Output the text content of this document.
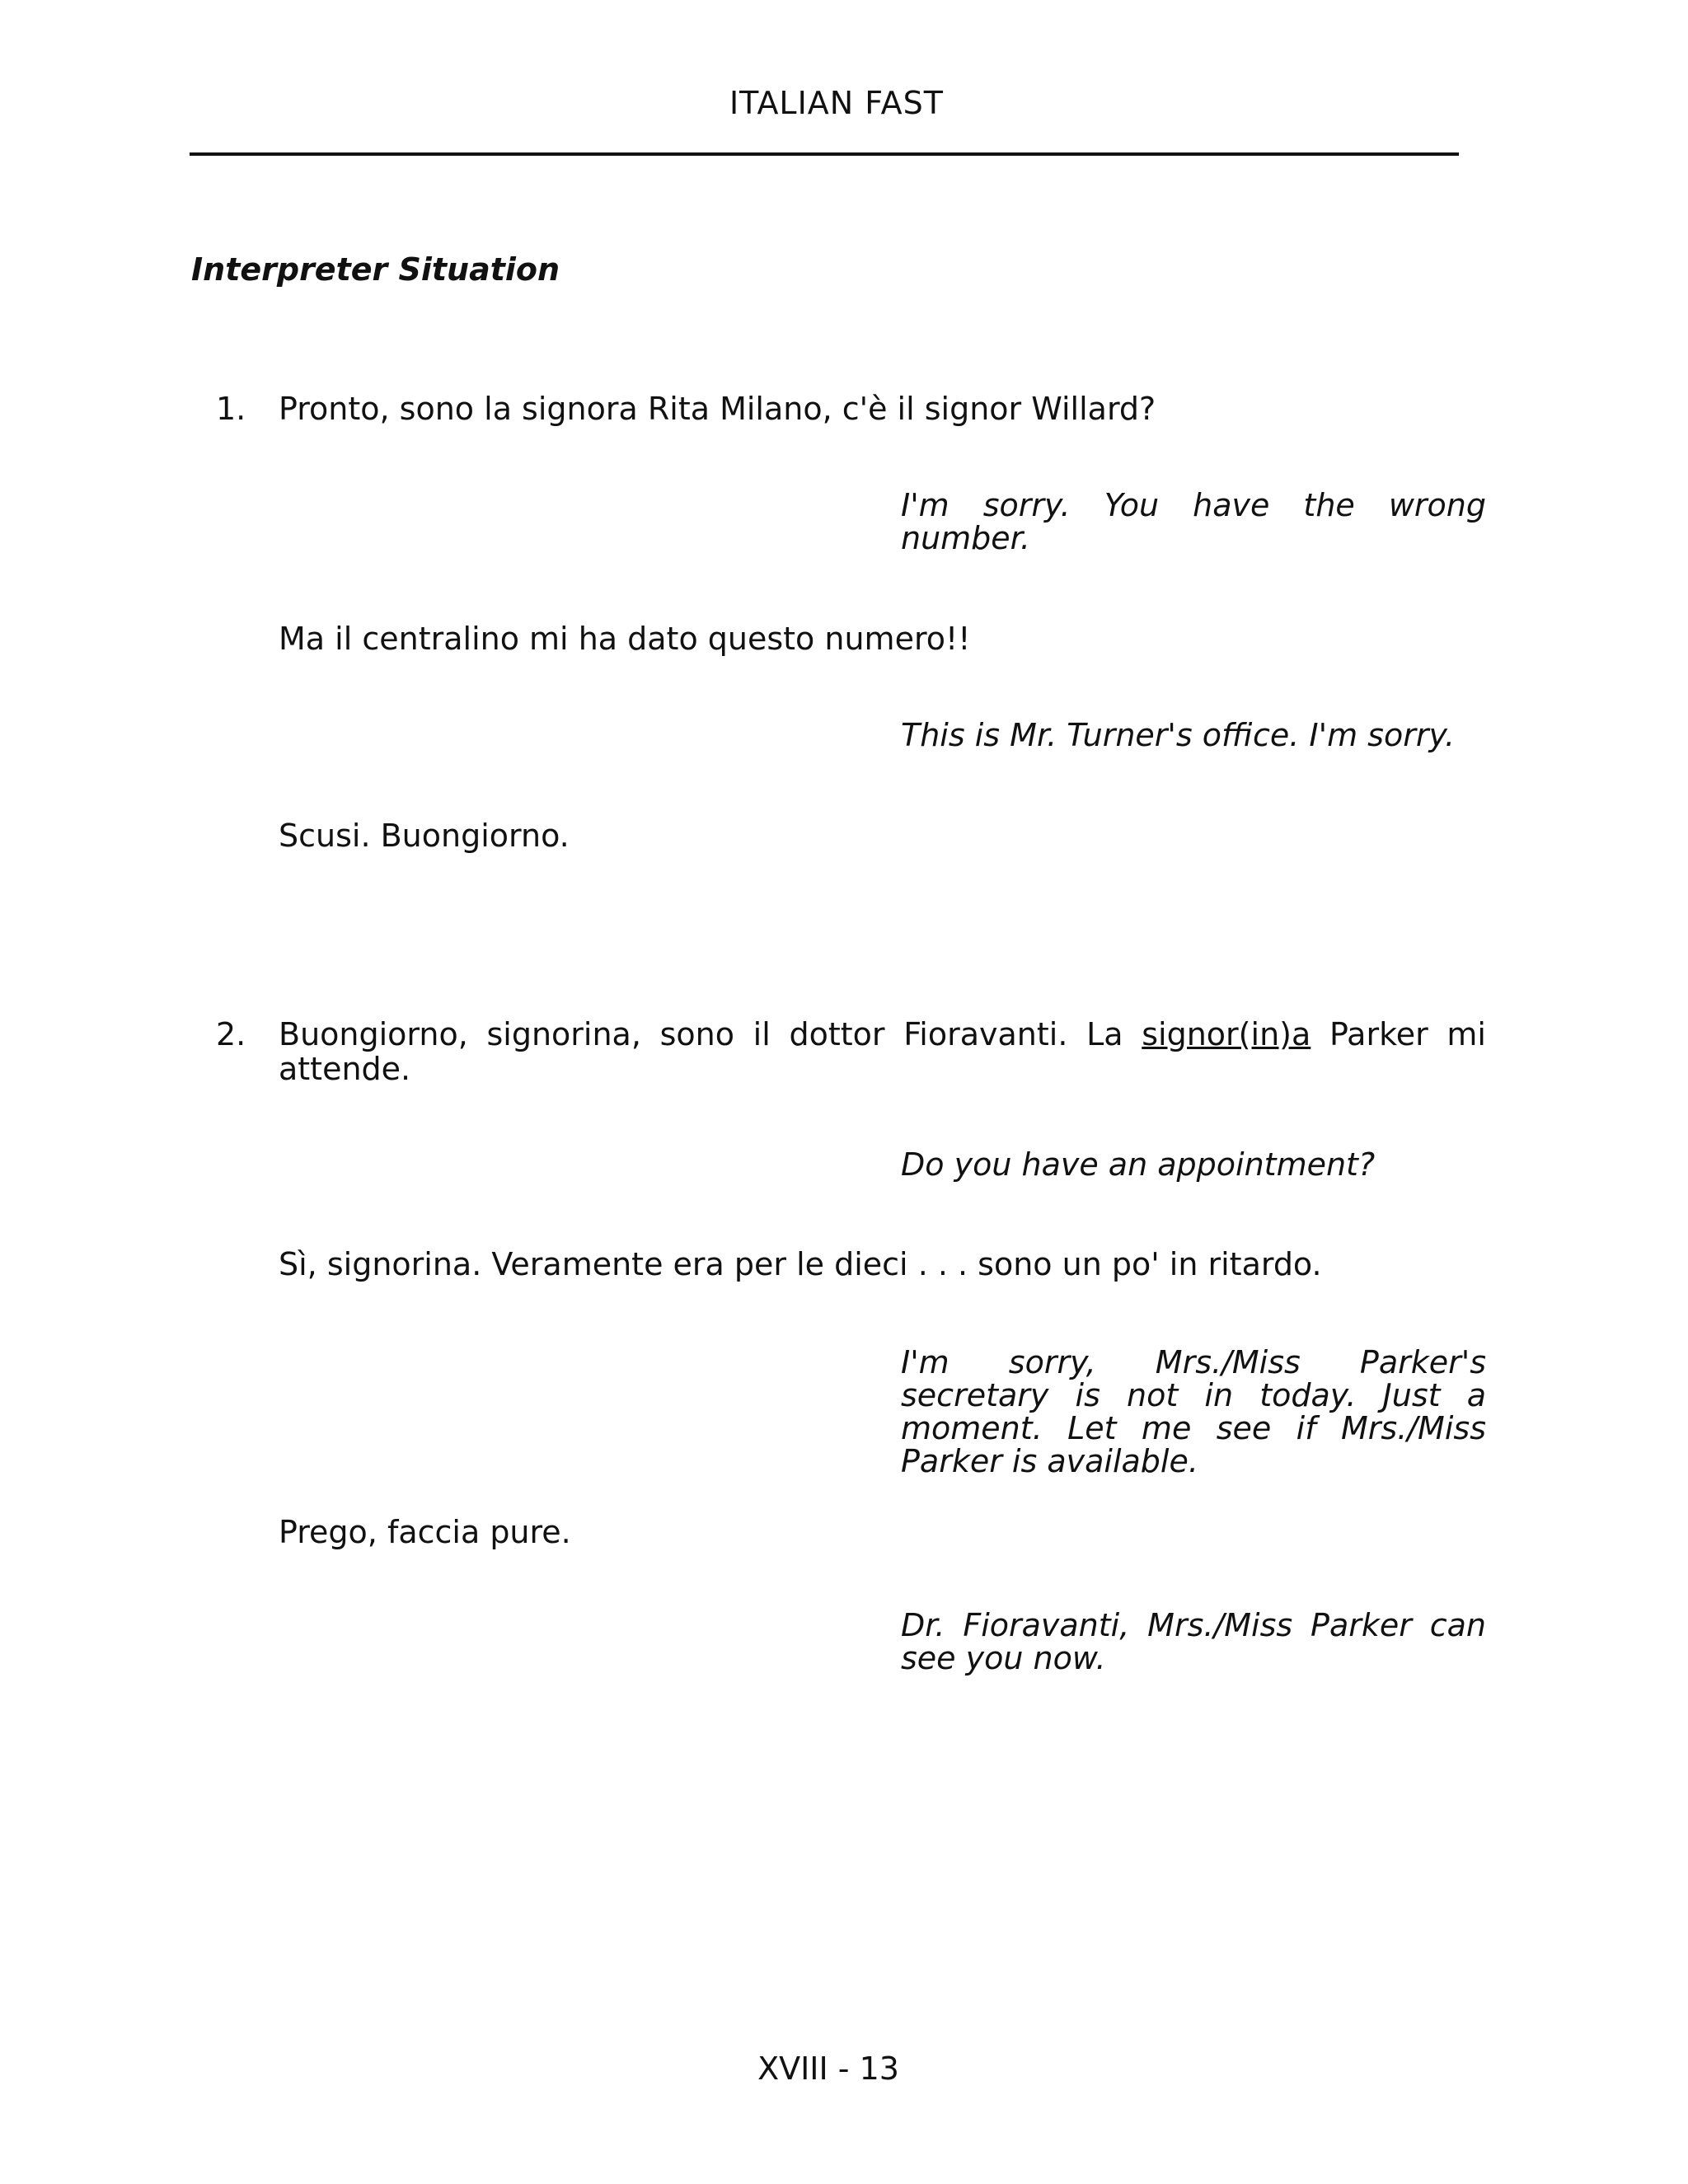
ITALIAN FAST
Interpreter Situation
1. Pronto, sono la signora Rita Milano, c'è il signor Willard?
I'm sorry. You have the wrong number.
Ma il centralino mi ha dato questo numero!!
This is Mr. Turner's office. I'm sorry.
Scusi. Buongiorno.
2. Buongiorno, signorina, sono il dottor Fioravanti. La signor(in)a Parker mi attende.
Do you have an appointment?
Sì, signorina. Veramente era per le dieci . . . sono un po' in ritardo.
I'm sorry, Mrs./Miss Parker's secretary is not in today. Just a moment. Let me see if Mrs./Miss Parker is available.
Prego, faccia pure.
Dr. Fioravanti, Mrs./Miss Parker can see you now.
XVIII - 13
